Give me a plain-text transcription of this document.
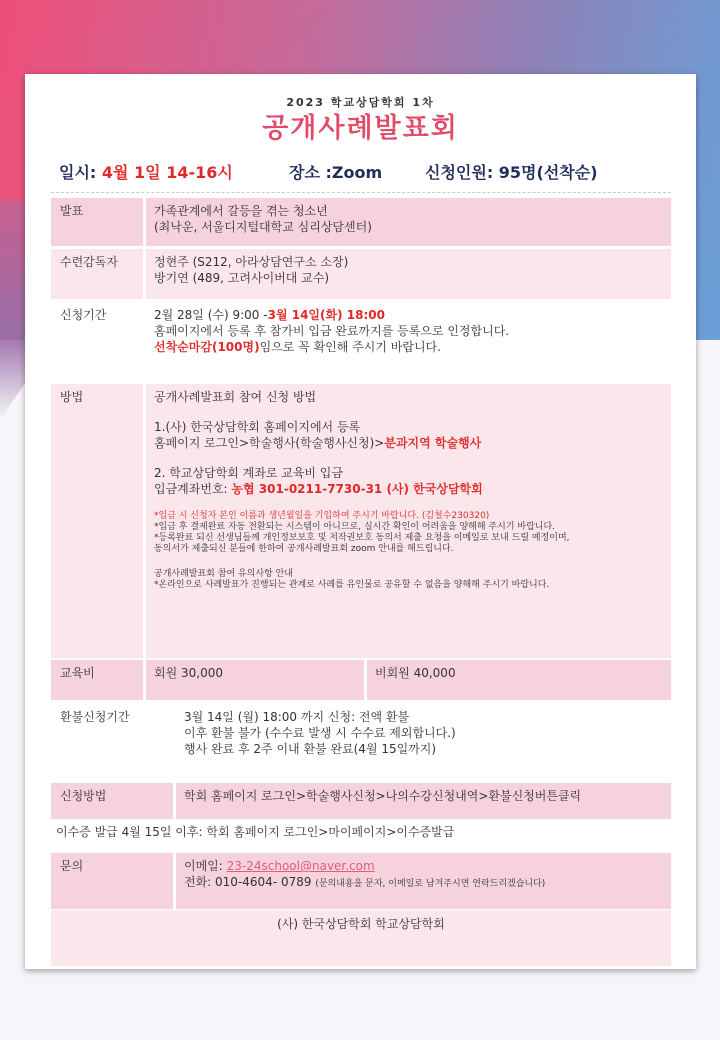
2023 학교상담학회 1차
공개사례발표회
일시: 4월 1일 14-16시	장소 :Zoom	신청인원: 95명(선착순)
발표	가족관계에서 갈등을 겪는 청소년

(최낙운, 서울디지털대학교 심리상담센터)

수련감독자	정현주 (S212, 아라상담연구소 소장)

방기연 (489, 고려사이버대 교수)

신청기간	2월 28일 (수) 9:00 -3월 14일(화) 18:00

홈페이지에서 등록 후 참가비 입금 완료까지를 등록으로 인정합니다.

선착순마감(100명)임으로 꼭 확인해 주시기 바랍니다.

방법	공개사례발표회 참여 신청 방법

1.(사) 한국상담학회 홈페이지에서 등록

홈페이지 로그인>학술행사(학술행사신청)>분과지역 학술행사

2. 학교상담학회 계좌로 교육비 입금

입금계좌번호: 농협 301-0211-7730-31 (사) 한국상담학회

*입금 시 신청자 본인 이름과 생년월일을 기입하여 주시기 바랍니다. (김철수230320)

*입금 후 결제완료 자동 전환되는 시스템이 아니므로, 실시간 확인이 어려움을 양해해 주시기 바랍니다.

*등록완료 되신 선생님들께 개인정보보호 및 저작권보호 동의서 제출 요청을 이메일로 보내 드릴 예정이며,

동의서가 제출되신 분들에 한하여 공개사례발표회 zoom 안내를 해드립니다.

공개사례발표회 참여 유의사항 안내

*온라인으로 사례발표가 진행되는 관계로 사례를 유인물로 공유할 수 없음을 양해해 주시기 바랍니다.

교육비	회원 30,000	비회원 40,000
환불신청기간	3월 14일 (월) 18:00 까지 신청: 전액 환불

이후 환불 불가 (수수료 발생 시 수수료 제외합니다.)

행사 완료 후 2주 이내 환불 완료(4월 15일까지)

신청방법	학회 홈페이지 로그인>학술행사신청>나의수강신청내역>환불신청버튼클릭
이수증 발급 4월 15일 이후: 학회 홈페이지 로그인>마이페이지>이수증발급
문의	이메일: 23-24school@naver.com

전화: 010-4604- 0789 (문의내용을 문자, 이메일로 남겨주시면 연락드리겠습니다)

(사) 한국상담학회 학교상담학회
